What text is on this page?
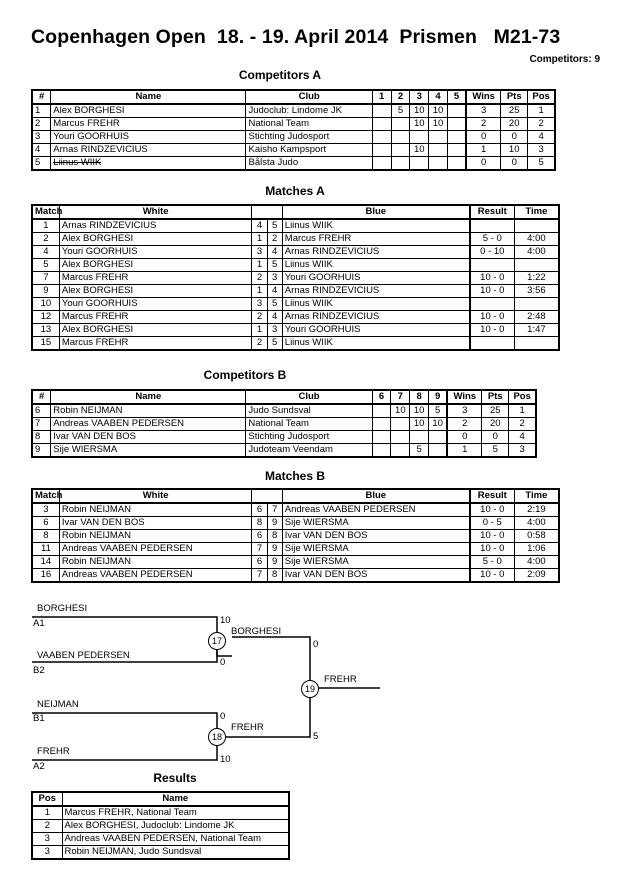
Copenhagen Open  18. - 19. April 2014  Prismen   M21-73
Competitors: 9
Competitors A
#	Name	Club	1	2	3	4	5	Wins	Pts	Pos
1	Alex BORGHESI	Judoclub: Lindome JK		5	10	10		3	25	1
2	Marcus FREHR	National Team			10	10		2	20	2
3	Youri GOORHUIS	Stichting Judosport						0	0	4
4	Arnas RINDZEVICIUS	Kaisho Kampsport			10			1	10	3
5	Liinus WIIK	Bålsta Judo						0	0	5
Matches A
Match	White			Blue	Result	Time
1	Arnas RINDZEVICIUS	4	5	Liinus WIIK		
2	Alex BORGHESI	1	2	Marcus FREHR	5 - 0	4:00
4	Youri GOORHUIS	3	4	Arnas RINDZEVICIUS	0 - 10	4:00
5	Alex BORGHESI	1	5	Liinus WIIK		
7	Marcus FREHR	2	3	Youri GOORHUIS	10 - 0	1:22
9	Alex BORGHESI	1	4	Arnas RINDZEVICIUS	10 - 0	3:56
10	Youri GOORHUIS	3	5	Liinus WIIK		
12	Marcus FREHR	2	4	Arnas RINDZEVICIUS	10 - 0	2:48
13	Alex BORGHESI	1	3	Youri GOORHUIS	10 - 0	1:47
15	Marcus FREHR	2	5	Liinus WIIK		
Competitors B
#	Name	Club	6	7	8	9	Wins	Pts	Pos
6	Robin NEIJMAN	Judo Sundsval		10	10	5	3	25	1
7	Andreas VAABEN PEDERSEN	National Team			10	10	2	20	2
8	Ivar VAN DEN BOS	Stichting Judosport					0	0	4
9	Sije WIERSMA	Judoteam Veendam			5		1	5	3
Matches B
Match	White			Blue	Result	Time
3	Robin NEIJMAN	6	7	Andreas VAABEN PEDERSEN	10 - 0	2:19
6	Ivar VAN DEN BOS	8	9	Sije WIERSMA	0 - 5	4:00
8	Robin NEIJMAN	6	8	Ivar VAN DEN BOS	10 - 0	0:58
11	Andreas VAABEN PEDERSEN	7	9	Sije WIERSMA	10 - 0	1:06
14	Robin NEIJMAN	6	9	Sije WIERSMA	5 - 0	4:00
16	Andreas VAABEN PEDERSEN	7	8	Ivar VAN DEN BOS	10 - 0	2:09
BORGHESI
A1
VAABEN PEDERSEN
B2
10
0
17
BORGHESI
NEIJMAN
B1
FREHR
A2
0
10
18
FREHR
0
5
19
FREHR
Results
Pos	Name
1	Marcus FREHR, National Team
2	Alex BORGHESI, Judoclub: Lindome JK
3	Andreas VAABEN PEDERSEN, National Team
3	Robin NEIJMAN, Judo Sundsval
